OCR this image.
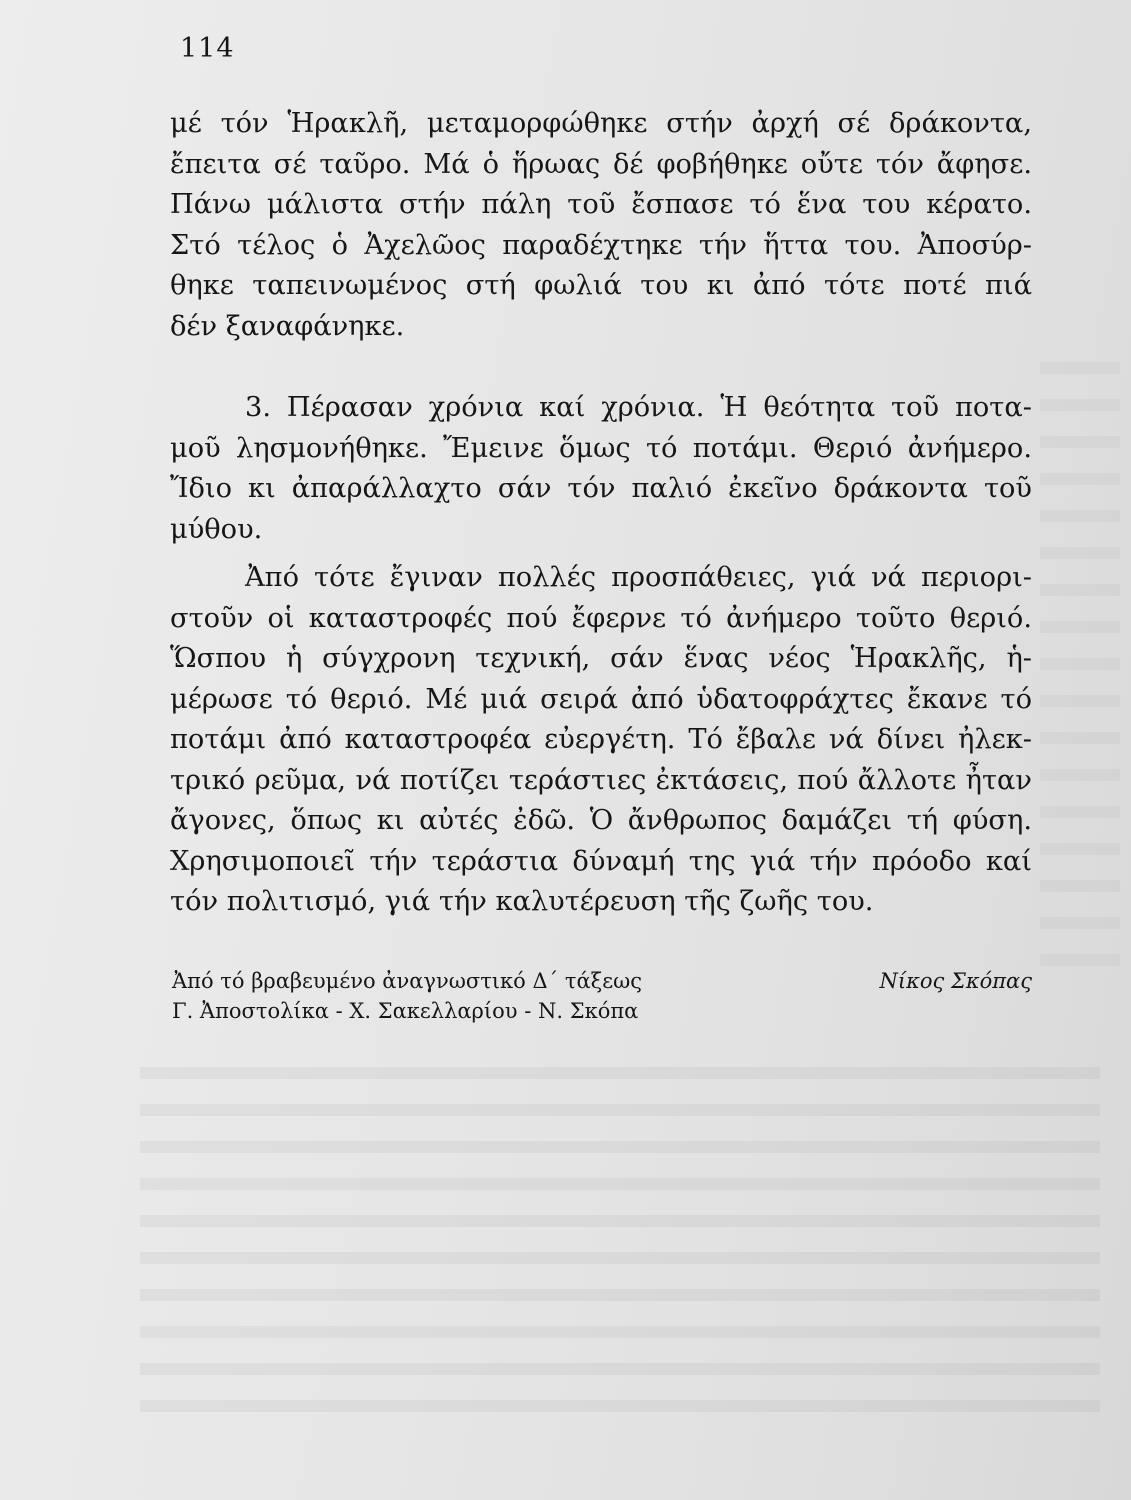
114
μέ τόν Ἡρακλῆ, μεταμορφώθηκε στήν ἀρχή σέ δράκοντα,
ἔπειτα σέ ταῦρο. Μά ὁ ἥρωας δέ φοβήθηκε οὔτε τόν ἄφησε.
Πάνω μάλιστα στήν πάλη τοῦ ἔσπασε τό ἕνα του κέρατο.
Στό τέλος ὁ Ἀχελῶος παραδέχτηκε τήν ἥττα του. Ἀποσύρ-
θηκε ταπεινωμένος στή φωλιά του κι ἀπό τότε ποτέ πιά
δέν ξαναφάνηκε.
3. Πέρασαν χρόνια καί χρόνια. Ἡ θεότητα τοῦ ποτα-
μοῦ λησμονήθηκε. Ἔμεινε ὅμως τό ποτάμι. Θεριό ἀνήμερο.
Ἴδιο κι ἀπαράλλαχτο σάν τόν παλιό ἐκεῖνο δράκοντα τοῦ
μύθου.
Ἀπό τότε ἔγιναν πολλές προσπάθειες, γιά νά περιορι-
στοῦν οἱ καταστροφές πού ἔφερνε τό ἀνήμερο τοῦτο θεριό.
Ὥσπου ἡ σύγχρονη τεχνική, σάν ἕνας νέος Ἡρακλῆς, ἡ-
μέρωσε τό θεριό. Μέ μιά σειρά ἀπό ὑδατοφράχτες ἔκανε τό
ποτάμι ἀπό καταστροφέα εὐεργέτη. Τό ἔβαλε νά δίνει ἠλεκ-
τρικό ρεῦμα, νά ποτίζει τεράστιες ἐκτάσεις, πού ἄλλοτε ἦταν
ἄγονες, ὅπως κι αὐτές ἐδῶ. Ὁ ἄνθρωπος δαμάζει τή φύση.
Χρησιμοποιεῖ τήν τεράστια δύναμή της γιά τήν πρόοδο καί
τόν πολιτισμό, γιά τήν καλυτέρευση τῆς ζωῆς του.
Ἀπό τό βραβευμένο ἀναγνωστικό Δ΄ τάξεως	Νίκος Σκόπας
Γ. Ἀποστολίκα - Χ. Σακελλαρίου - Ν. Σκόπα
